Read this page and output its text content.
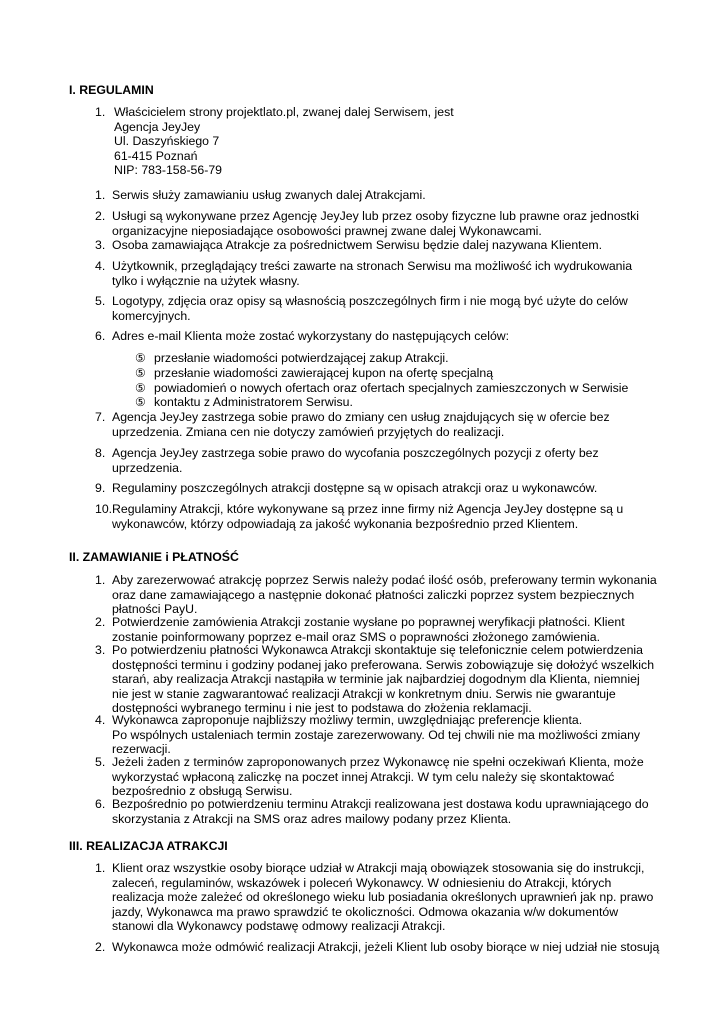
I. REGULAMIN
1. Właścicielem strony projektlato.pl, zwanej dalej Serwisem, jest
Agencja JeyJey
Ul. Daszyńskiego 7
61-415 Poznań
NIP: 783-158-56-79
1. Serwis służy zamawianiu usług zwanych dalej Atrakcjami.
2. Usługi są wykonywane przez Agencję JeyJey lub przez osoby fizyczne lub prawne oraz jednostki organizacyjne nieposiadające osobowości prawnej zwane dalej Wykonawcami.
3. Osoba zamawiająca Atrakcje za pośrednictwem Serwisu będzie dalej nazywana Klientem.
4. Użytkownik, przeglądający treści zawarte na stronach Serwisu ma możliwość ich wydrukowania tylko i wyłącznie na użytek własny.
5. Logotypy, zdjęcia oraz opisy są własnością poszczególnych firm i nie mogą być użyte do celów komercyjnych.
6. Adres e-mail Klienta może zostać wykorzystany do następujących celów:
⑤ przesłanie wiadomości potwierdzającej zakup Atrakcji.
⑤ przesłanie wiadomości zawierającej kupon na ofertę specjalną
⑤ powiadomień o nowych ofertach oraz ofertach specjalnych zamieszczonych w Serwisie
⑤ kontaktu z Administratorem Serwisu.
7. Agencja JeyJey zastrzega sobie prawo do zmiany cen usług znajdujących się w ofercie bez uprzedzenia. Zmiana cen nie dotyczy zamówień przyjętych do realizacji.
8. Agencja JeyJey zastrzega sobie prawo do wycofania poszczególnych pozycji z oferty bez uprzedzenia.
9. Regulaminy poszczególnych atrakcji dostępne są w opisach atrakcji oraz u wykonawców.
10. Regulaminy Atrakcji, które wykonywane są przez inne firmy niż Agencja JeyJey dostępne są u wykonawców, którzy odpowiadają za jakość wykonania bezpośrednio przed Klientem.
II. ZAMAWIANIE i PŁATNOŚĆ
1. Aby zarezerwować atrakcję poprzez Serwis należy podać ilość osób, preferowany termin wykonania oraz dane zamawiającego a następnie dokonać płatności zaliczki poprzez system bezpiecznych płatności PayU.
2. Potwierdzenie zamówienia Atrakcji zostanie wysłane po poprawnej weryfikacji płatności. Klient zostanie poinformowany poprzez e-mail oraz SMS o poprawności złożonego zamówienia.
3. Po potwierdzeniu płatności Wykonawca Atrakcji skontaktuje się telefonicznie celem potwierdzenia dostępności terminu i godziny podanej jako preferowana. Serwis zobowiązuje się dołożyć wszelkich starań, aby realizacja Atrakcji nastąpiła w terminie jak najbardziej dogodnym dla Klienta, niemniej nie jest w stanie zagwarantować realizacji Atrakcji w konkretnym dniu. Serwis nie gwarantuje dostępności wybranego terminu i nie jest to podstawa do złożenia reklamacji.
4. Wykonawca zaproponuje najbliższy możliwy termin, uwzględniając preferencje klienta.
Po wspólnych ustaleniach termin zostaje zarezerwowany. Od tej chwili nie ma możliwości zmiany rezerwacji.
5. Jeżeli żaden z terminów zaproponowanych przez Wykonawcę nie spełni oczekiwań Klienta, może wykorzystać wpłaconą zaliczkę na poczet innej Atrakcji. W tym celu należy się skontaktować bezpośrednio z obsługą Serwisu.
6. Bezpośrednio po potwierdzeniu terminu Atrakcji realizowana jest dostawa kodu uprawniającego do skorzystania z Atrakcji na SMS oraz adres mailowy podany przez Klienta.
III. REALIZACJA ATRAKCJI
1. Klient oraz wszystkie osoby biorące udział w Atrakcji mają obowiązek stosowania się do instrukcji, zaleceń, regulaminów, wskazówek i poleceń Wykonawcy. W odniesieniu do Atrakcji, których realizacja może zależeć od określonego wieku lub posiadania określonych uprawnień jak np. prawo jazdy, Wykonawca ma prawo sprawdzić te okoliczności. Odmowa okazania w/w dokumentów stanowi dla Wykonawcy podstawę odmowy realizacji Atrakcji.
2. Wykonawca może odmówić realizacji Atrakcji, jeżeli Klient lub osoby biorące w niej udział nie stosują
